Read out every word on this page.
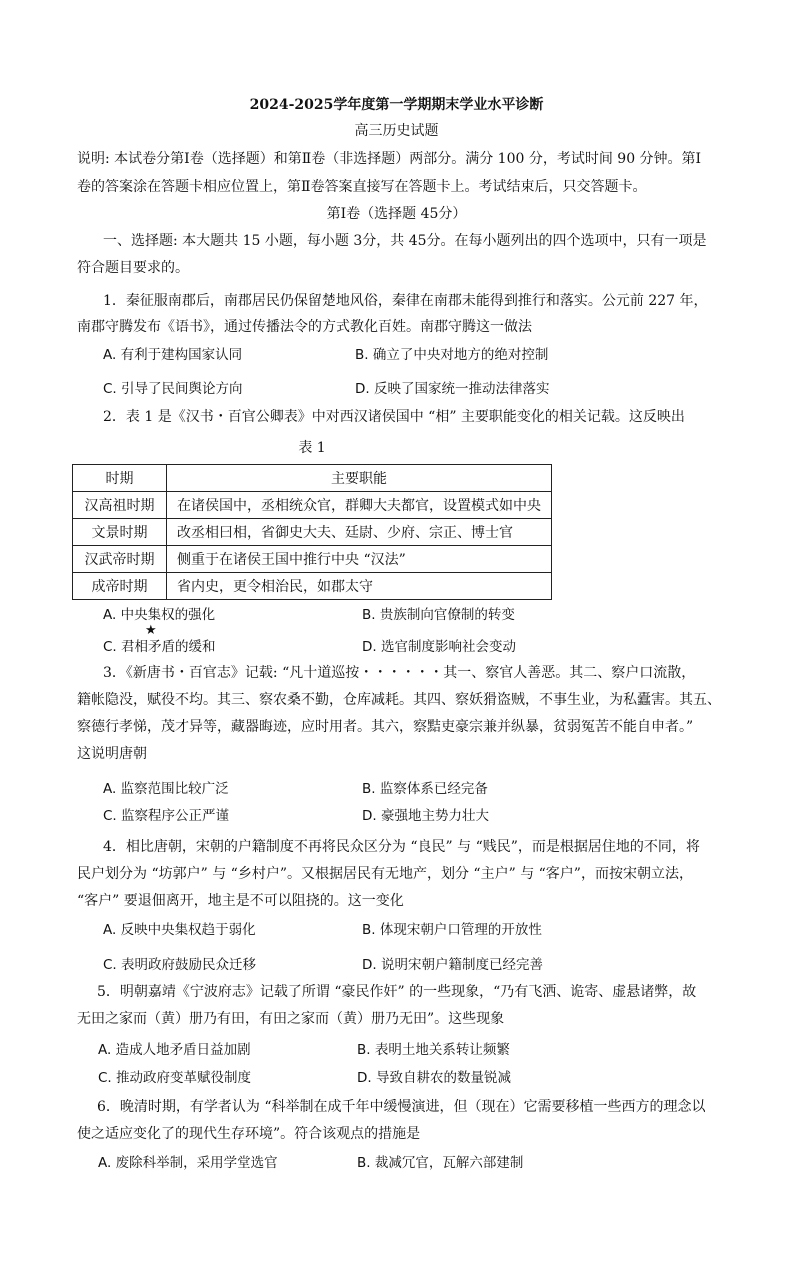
2024-2025学年度第一学期期末学业水平诊断
高三历史试题
说明: 本试卷分第Ⅰ卷（选择题）和第Ⅱ卷（非选择题）两部分。满分 100 分，考试时间 90 分钟。第Ⅰ
卷的答案涂在答题卡相应位置上，第Ⅱ卷答案直接写在答题卡上。考试结束后，只交答题卡。
第Ⅰ卷（选择题 45分）
一、选择题: 本大题共 15 小题，每小题 3分，共 45分。在每小题列出的四个选项中，只有一项是
符合题目要求的。
1．秦征服南郡后，南郡居民仍保留楚地风俗，秦律在南郡未能得到推行和落实。公元前 227 年，
南郡守腾发布《语书》，通过传播法令的方式教化百姓。南郡守腾这一做法
A. 有利于建构国家认同	B. 确立了中央对地方的绝对控制
C. 引导了民间舆论方向	D. 反映了国家统一推动法律落实
2．表 1 是《汉书・百官公卿表》中对西汉诸侯国中 “相” 主要职能变化的相关记载。这反映出
表 1
时期	主要职能
汉高祖时期	在诸侯国中，丞相统众官，群卿大夫都官，设置模式如中央
文景时期	改丞相曰相，省御史大夫、廷尉、少府、宗正、博士官
汉武帝时期	侧重于在诸侯王国中推行中央 “汉法”
成帝时期	省内史，更令相治民，如郡太守
A. 中央集权的强化	B. 贵族制向官僚制的转变
★
C. 君相矛盾的缓和	D. 选官制度影响社会变动
3．《新唐书・百官志》记载: “凡十道巡按・・・・・・其一、察官人善恶。其二、察户口流散，
籍帐隐没，赋役不均。其三、察农桑不勤，仓库减耗。其四、察妖猾盗贼，不事生业，为私蠹害。其五、
察德行孝悌，茂才异等，藏器晦迹，应时用者。其六，察黠吏豪宗兼并纵暴，贫弱冤苦不能自申者。”
这说明唐朝
A. 监察范围比较广泛	B. 监察体系已经完备
C. 监察程序公正严谨	D. 豪强地主势力壮大
4．相比唐朝，宋朝的户籍制度不再将民众区分为 “良民” 与 “贱民”，而是根据居住地的不同，将
民户划分为 “坊郭户” 与 “乡村户”。又根据居民有无地产，划分 “主户” 与 “客户”，而按宋朝立法，
“客户” 要退佃离开，地主是不可以阻挠的。这一变化
A. 反映中央集权趋于弱化	B. 体现宋朝户口管理的开放性
C. 表明政府鼓励民众迁移	D. 说明宋朝户籍制度已经完善
5．明朝嘉靖《宁波府志》记载了所谓 “豪民作奸” 的一些现象，“乃有飞洒、诡寄、虚悬诸弊，故
无田之家而（黄）册乃有田，有田之家而（黄）册乃无田”。这些现象
A. 造成人地矛盾日益加剧	B. 表明土地关系转让频繁
C. 推动政府变革赋役制度	D. 导致自耕农的数量锐减
6．晚清时期，有学者认为 “科举制在成千年中缓慢演进，但（现在）它需要移植一些西方的理念以
使之适应变化了的现代生存环境”。符合该观点的措施是
A. 废除科举制，采用学堂选官	B. 裁减冗官，瓦解六部建制
